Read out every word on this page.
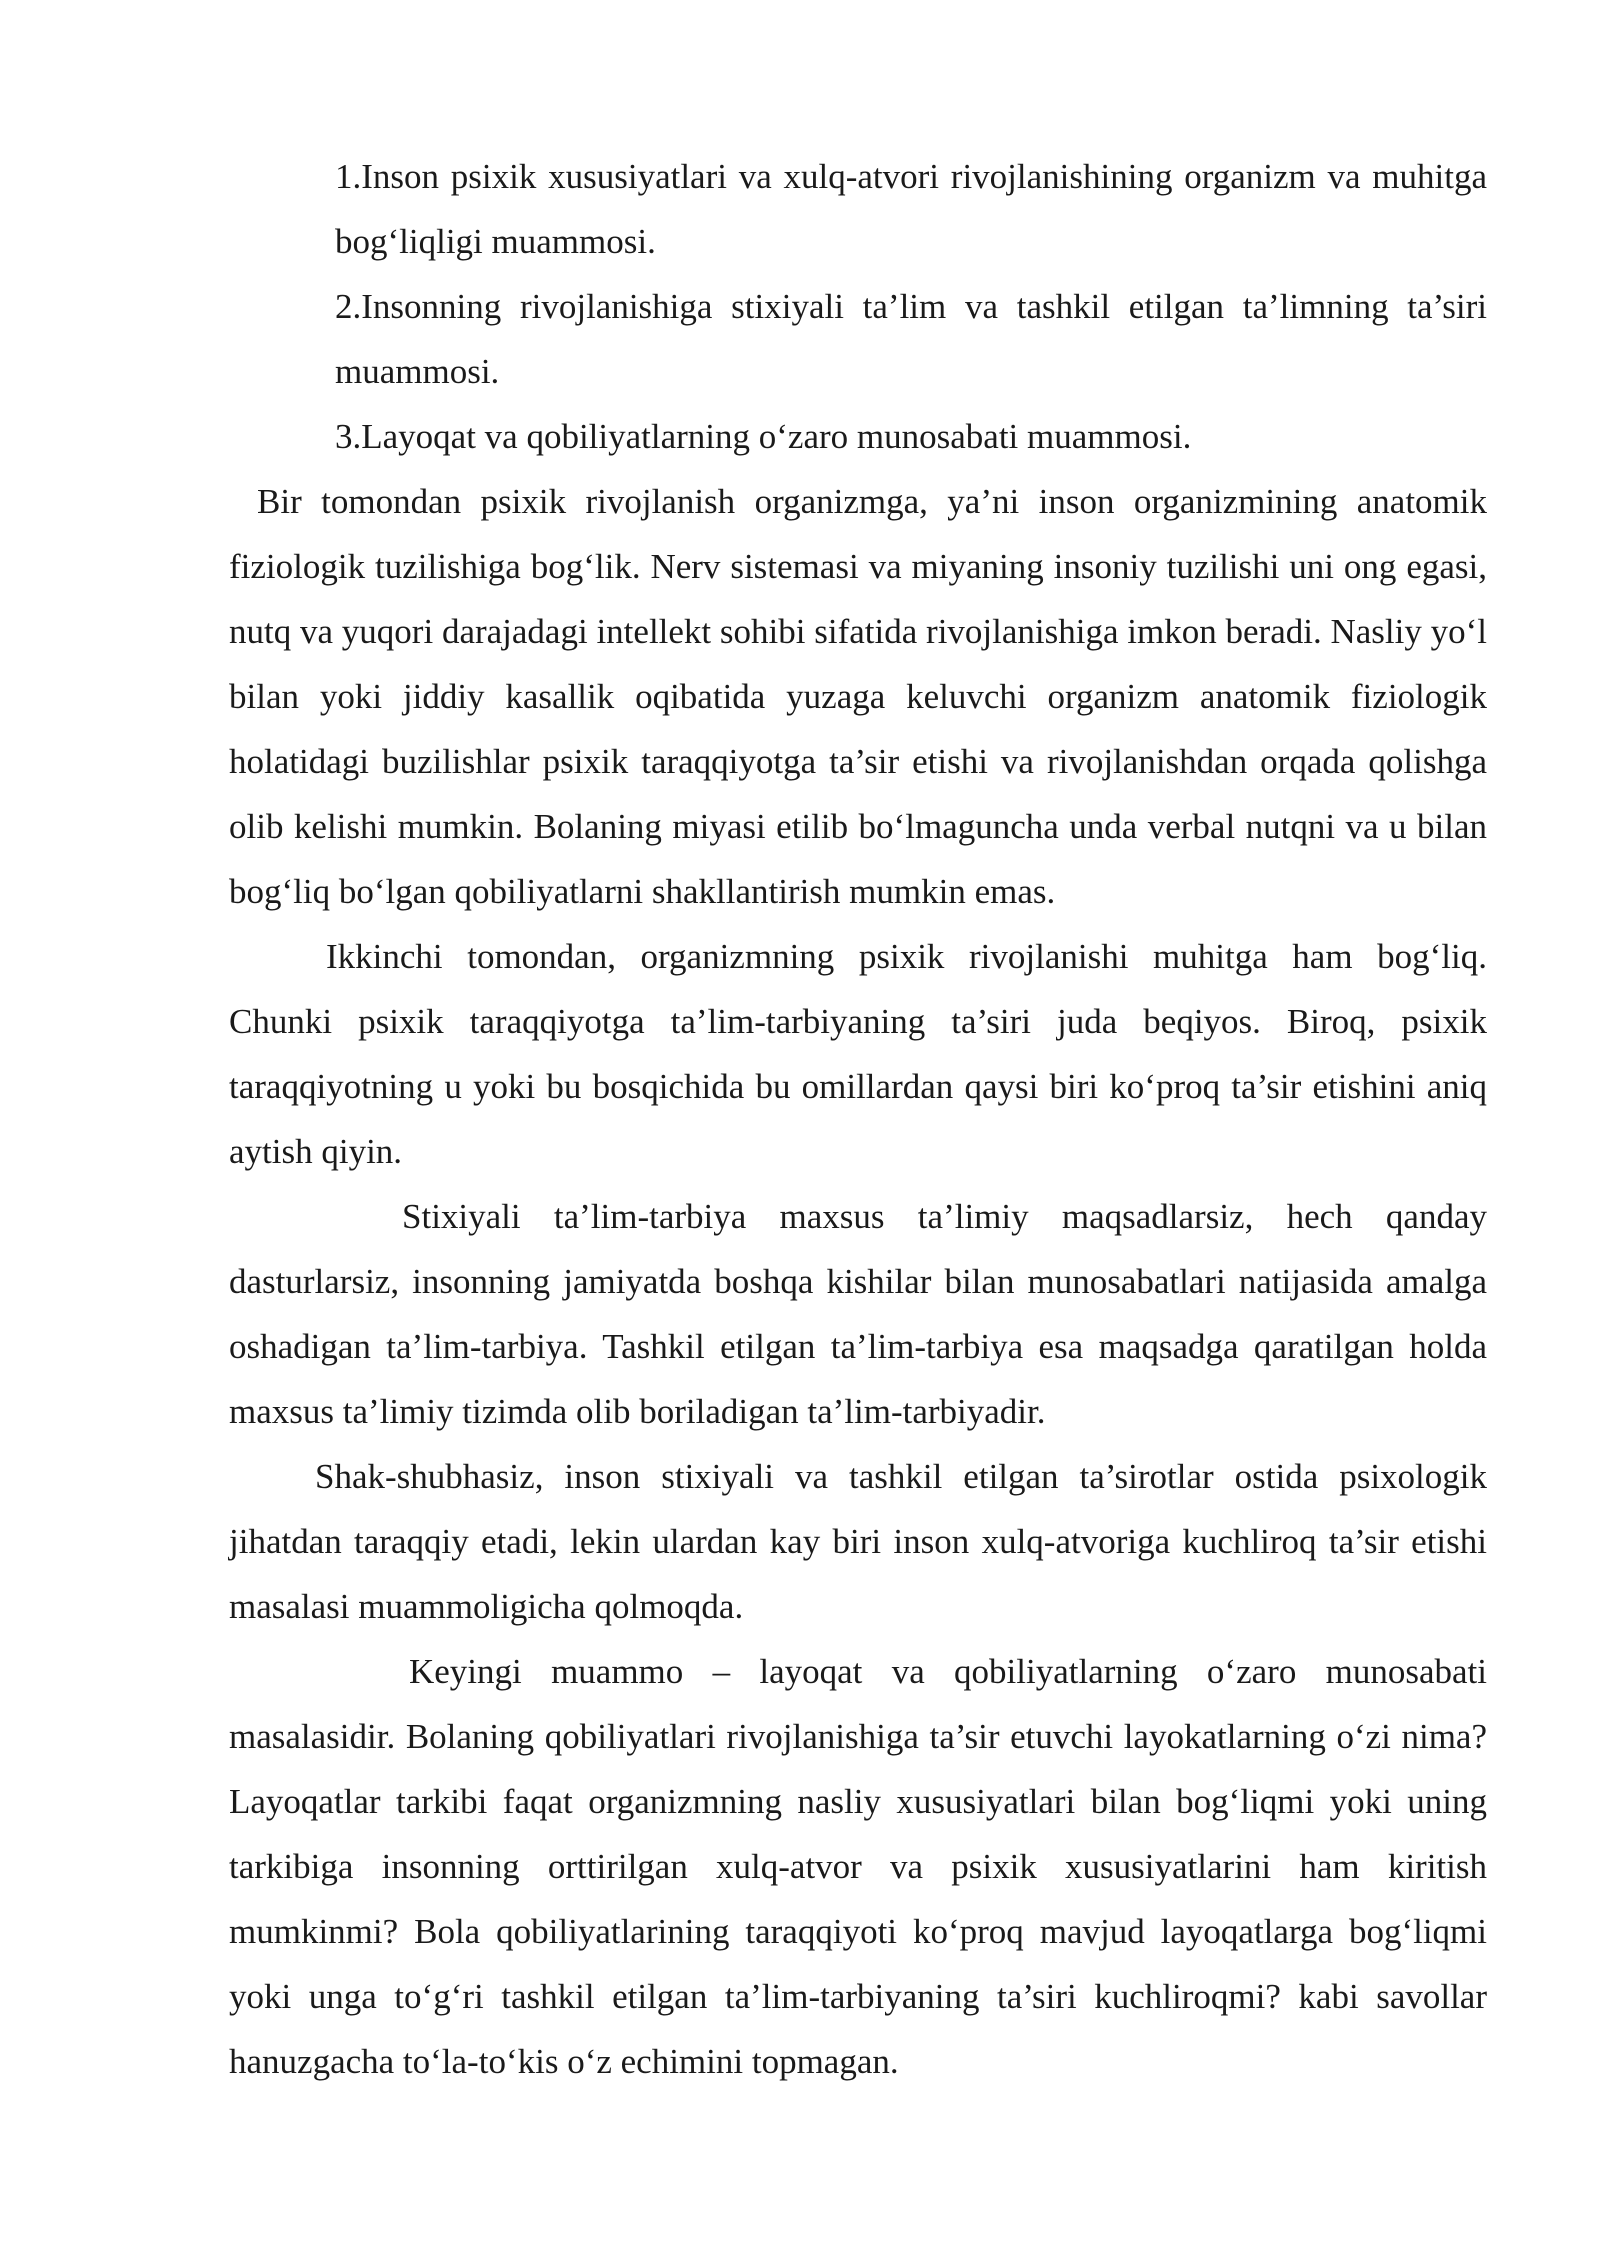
1.Inson psixik xususiyatlari va xulq-atvori rivojlanishining organizm va muhitga bog‘liqligi muammosi.

2.Insonning rivojlanishiga stixiyali ta’lim va tashkil etilgan ta’limning ta’siri muammosi.

3.Layoqat va qobiliyatlarning o‘zaro munosabati muammosi.

Bir tomondan psixik rivojlanish organizmga, ya’ni inson organizmining anatomik fiziologik tuzilishiga bog‘lik. Nerv sistemasi va miyaning insoniy tuzilishi uni ong egasi, nutq va yuqori darajadagi intellekt sohibi sifatida rivojlanishiga imkon beradi. Nasliy yo‘l bilan yoki jiddiy kasallik oqibatida yuzaga keluvchi organizm anatomik fiziologik holatidagi buzilishlar psixik taraqqiyotga ta’sir etishi va rivojlanishdan orqada qolishga olib kelishi mumkin. Bolaning miyasi etilib bo‘lmaguncha unda verbal nutqni va u bilan bog‘liq bo‘lgan qobiliyatlarni shakllantirish mumkin emas.

Ikkinchi tomondan, organizmning psixik rivojlanishi muhitga ham bog‘liq. Chunki psixik taraqqiyotga ta’lim-tarbiyaning ta’siri juda beqiyos. Biroq, psixik taraqqiyotning u yoki bu bosqichida bu omillardan qaysi biri ko‘proq ta’sir etishini aniq aytish qiyin.

Stixiyali ta’lim-tarbiya maxsus ta’limiy maqsadlarsiz, hech qanday dasturlarsiz, insonning jamiyatda boshqa kishilar bilan munosabatlari natijasida amalga oshadigan ta’lim-tarbiya. Tashkil etilgan ta’lim-tarbiya esa maqsadga qaratilgan holda maxsus ta’limiy tizimda olib boriladigan ta’lim-tarbiyadir.

Shak-shubhasiz, inson stixiyali va tashkil etilgan ta’sirotlar ostida psixologik jihatdan taraqqiy etadi, lekin ulardan kay biri inson xulq-atvoriga kuchliroq ta’sir etishi masalasi muammoligicha qolmoqda.

Keyingi muammo – layoqat va qobiliyatlarning o‘zaro munosabati masalasidir. Bolaning qobiliyatlari rivojlanishiga ta’sir etuvchi layokatlarning o‘zi nima? Layoqatlar tarkibi faqat organizmning nasliy xususiyatlari bilan bog‘liqmi yoki uning tarkibiga insonning orttirilgan xulq-atvor va psixik xususiyatlarini ham kiritish mumkinmi? Bola qobiliyatlarining taraqqiyoti ko‘proq mavjud layoqatlarga bog‘liqmi yoki unga to‘g‘ri tashkil etilgan ta’lim-tarbiyaning ta’siri kuchliroqmi? kabi savollar hanuzgacha to‘la-to‘kis o‘z echimini topmagan.
